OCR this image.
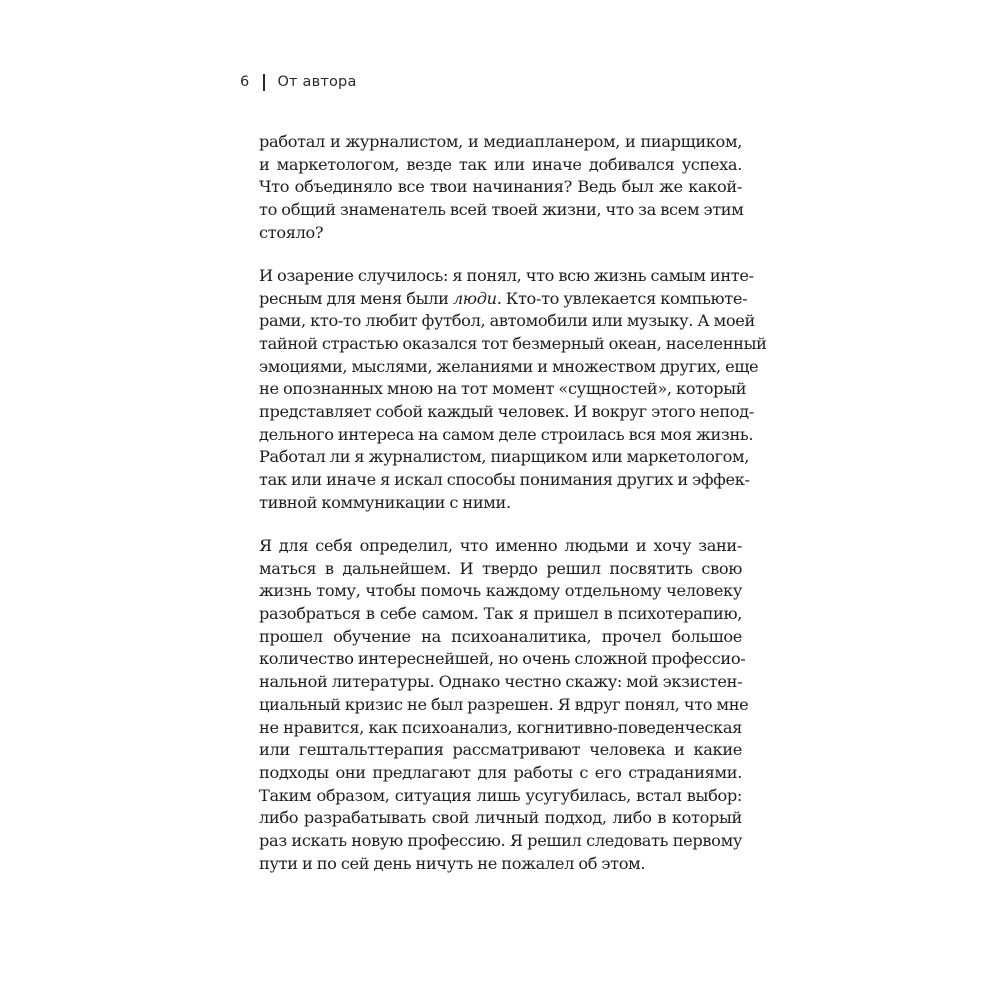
6 От автора
работал и журналистом, и медиапланером, и пиарщиком,
и маркетологом, везде так или иначе добивался успеха.
Что объединяло все твои начинания? Ведь был же какой-
то общий знаменатель всей твоей жизни, что за всем этим
стояло?
И озарение случилось: я понял, что всю жизнь самым инте-
ресным для меня были люди. Кто-то увлекается компьюте-
рами, кто-то любит футбол, автомобили или музыку. А моей
тайной страстью оказался тот безмерный океан, населенный
эмоциями, мыслями, желаниями и множеством других, еще
не опознанных мною на тот момент «сущностей», который
представляет собой каждый человек. И вокруг этого непод-
дельного интереса на самом деле строилась вся моя жизнь.
Работал ли я журналистом, пиарщиком или маркетологом,
так или иначе я искал способы понимания других и эффек-
тивной коммуникации с ними.
Я для себя определил, что именно людьми и хочу зани-
маться в дальнейшем. И твердо решил посвятить свою
жизнь тому, чтобы помочь каждому отдельному человеку
разобраться в себе самом. Так я пришел в психотерапию,
прошел обучение на психоаналитика, прочел большое
количество интереснейшей, но очень сложной профессио-
нальной литературы. Однако честно скажу: мой экзистен-
циальный кризис не был разрешен. Я вдруг понял, что мне
не нравится, как психоанализ, когнитивно-поведенческая
или гештальттерапия рассматривают человека и какие
подходы они предлагают для работы с его страданиями.
Таким образом, ситуация лишь усугубилась, встал выбор:
либо разрабатывать свой личный подход, либо в который
раз искать новую профессию. Я решил следовать первому
пути и по сей день ничуть не пожалел об этом.
